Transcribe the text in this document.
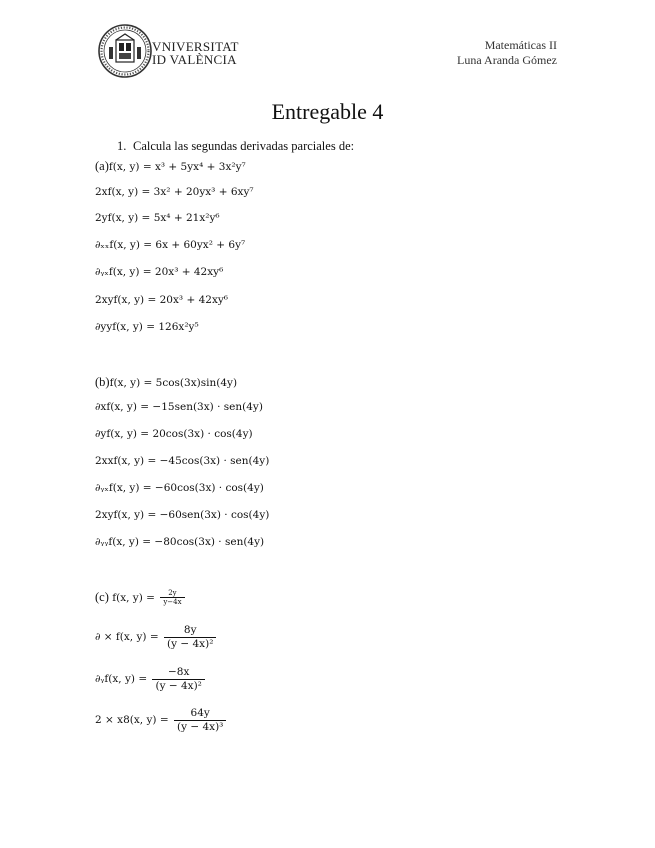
VNIVERSITAT
ID VALÈNCIA
Matemáticas II
Luna Aranda Gómez
Entregable 4
1. Calcula las segundas derivadas parciales de:
(a)f(x, y) = x³ + 5yx⁴ + 3x²y⁷
2xf(x, y) = 3x² + 20yx³ + 6xy⁷
2yf(x, y) = 5x⁴ + 21x²y⁶
∂ₓₓf(x, y) = 6x + 60yx² + 6y⁷
∂ᵧₓf(x, y) = 20x³ + 42xy⁶
2xyf(x, y) = 20x³ + 42xy⁶
∂yyf(x, y) = 126x²y⁵
(b)f(x, y) = 5cos(3x)sin(4y)
∂xf(x, y) = −15sen(3x) · sen(4y)
∂yf(x, y) = 20cos(3x) · cos(4y)
2xxf(x, y) = −45cos(3x) · sen(4y)
∂ᵧₓf(x, y) = −60cos(3x) · cos(4y)
2xyf(x, y) = −60sen(3x) · cos(4y)
∂ᵧᵧf(x, y) = −80cos(3x) · sen(4y)
(c) f(x, $y) = \frac{2y}{y-4x}$
∂ × f(x, $y) = \frac{8y}{\text{(y − 4x)²}}$
∂ᵧf(x, $y) = \frac{-8x}{\text{(y − 4x)²}}$
2 × x8(x, $y) = \frac{64y}{\text{(y − 4x)³}}$
